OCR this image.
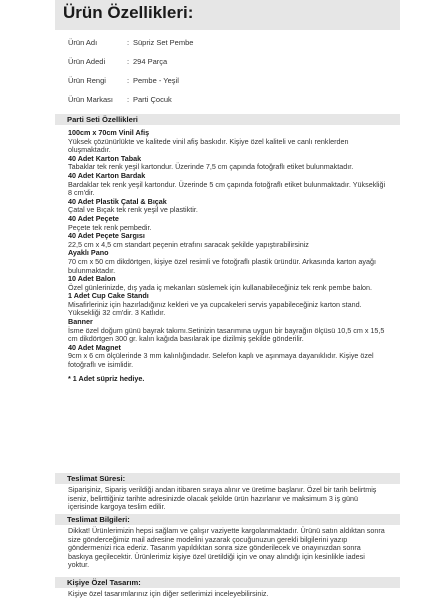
Ürün Özellikleri:
Ürün Adı	: Süpriz Set Pembe
Ürün Adedi	: 294 Parça
Ürün Rengi	: Pembe - Yeşil
Ürün Markası : Parti Çocuk
Parti Seti Özellikleri

100cm x 70cm Vinil Afiş

Yüksek çözünürlükte ve kalitede vinil afiş baskıdır. Kişiye özel kaliteli ve canlı renklerden oluşmaktadır.

40 Adet Karton Tabak

Tabaklar tek renk yeşil kartondur. Üzerinde 7,5 cm çapında fotoğraflı etiket bulunmaktadır.

40 Adet Karton Bardak

Bardaklar tek renk yeşil kartondur. Üzerinde 5 cm çapında fotoğraflı etiket bulunmaktadır. Yüksekliği 8 cm'dir.

40 Adet Plastik Çatal & Bıçak

Çatal ve Bıçak tek renk yeşil ve plastiktir.

40 Adet Peçete

Peçete tek renk pembedir.

40 Adet Peçete Sargısı

22,5 cm x 4,5 cm standart peçenin etrafını saracak şekilde yapıştırabilirsiniz

Ayaklı Pano

70 cm x 50 cm dikdörtgen, kişiye özel resimli ve fotoğraflı plastik üründür. Arkasında karton ayağı bulunmaktadır.

10 Adet Balon

Özel günlerinizde, dış yada iç mekanları süslemek için kullanabileceğiniz tek renk pembe balon.

1 Adet Cup Cake Standı

Misafirleriniz için hazırladığınız kekleri ve ya cupcakeleri servis yapabileceğiniz karton stand. Yüksekliği 32 cm'dir. 3 Katlıdır.

Banner

İsme özel doğum günü bayrak takımı.Setinizin tasarımına uygun bir bayrağın ölçüsü 10,5 cm x 15,5 cm dikdörtgen 300 gr. kalın kağıda basılarak ipe dizilmiş şekilde gönderilir.

40 Adet Magnet

9cm x 6 cm ölçülerinde 3 mm kalınlığındadır. Selefon kaplı ve aşınmaya dayanıklıdır. Kişiye özel fotoğraflı ve isimlidir.

* 1 Adet süpriz hediye.

Teslimat Süresi:

Siparişiniz, Sipariş verildiği andan itibaren sıraya alınır ve üretime başlanır. Özel bir tarih belirtmiş iseniz, belirttiğiniz tarihte adresinizde olacak şekilde ürün hazırlanır ve maksimum 3 iş günü içerisinde kargoya teslim edilir.

Teslimat Bilgileri:

Dikkat! Ürünlerimizin hepsi sağlam ve çalışır vaziyette kargolanmaktadır. Ürünü satın aldıktan sonra size gönderceğimiz mail adresine modelini yazarak çocuğunuzun gerekli bilgilerini yazıp göndermenizi rica ederiz. Tasarım yapıldıktan sonra size gönderilecek ve onayınızdan sonra baskıya geçilecektir. Ürünlerimiz kişiye özel üretildiği için ve onay alındığı için kesinlikle iadesi yoktur.

Kişiye Özel Tasarım:

Kişiye özel tasarımlarınız için diğer setlerimizi inceleyebilirsiniz.
